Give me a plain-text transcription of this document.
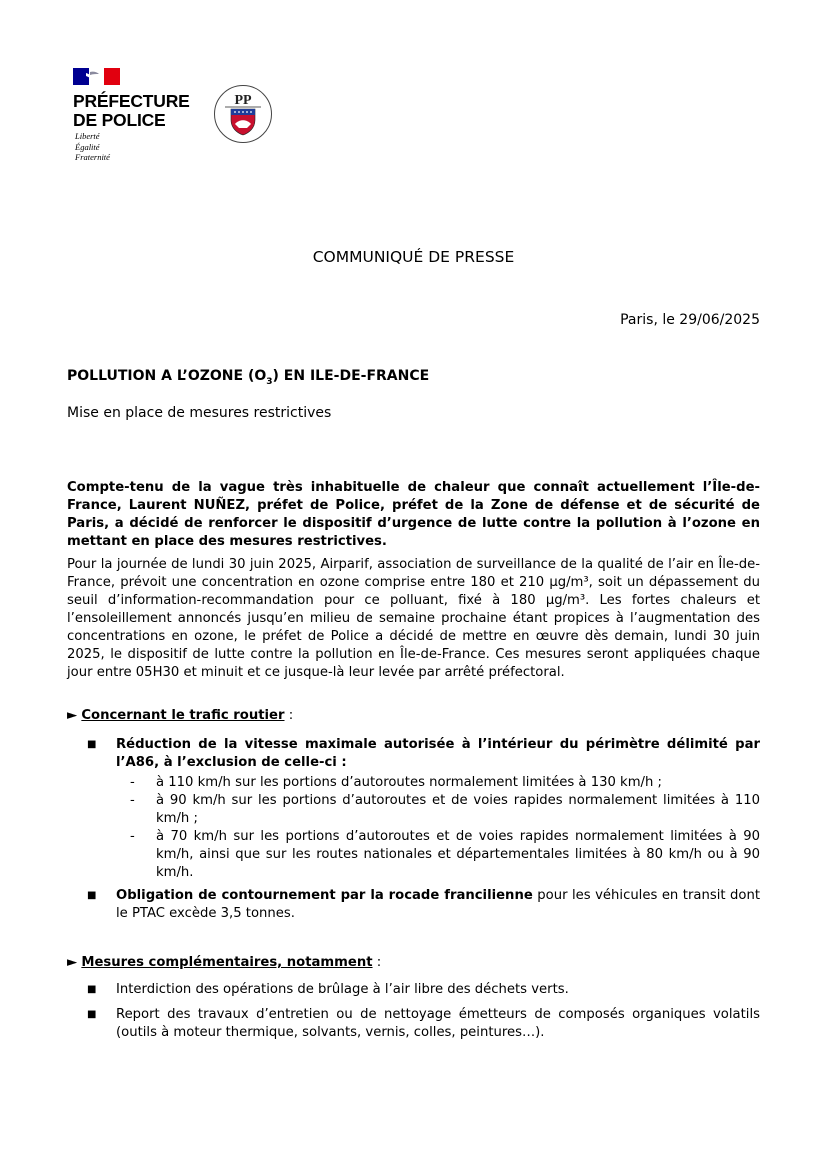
PRÉFECTURE
DE POLICE
Liberté
Égalité
Fraternité
PP
COMMUNIQUÉ DE PRESSE
Paris, le 29/06/2025
POLLUTION A L’OZONE $(O_3)$ EN ILE-DE-FRANCE
Mise en place de mesures restrictives
Compte-tenu de la vague très inhabituelle de chaleur que connaît actuellement l’Île-de-France, Laurent NUÑEZ, préfet de Police, préfet de la Zone de défense et de sécurité de Paris, a décidé de renforcer le dispositif d’urgence de lutte contre la pollution à l’ozone en mettant en place des mesures restrictives.
Pour la journée de lundi 30 juin 2025, Airparif, association de surveillance de la qualité de l’air en Île-de-France, prévoit une concentration en ozone comprise entre 180 et 210 µg/m³, soit un dépassement du seuil d’information-recommandation pour ce polluant, fixé à 180 µg/m³. Les fortes chaleurs et l’ensoleillement annoncés jusqu’en milieu de semaine prochaine étant propices à l’augmentation des concentrations en ozone, le préfet de Police a décidé de mettre en œuvre dès demain, lundi 30 juin 2025, le dispositif de lutte contre la pollution en Île-de-France. Ces mesures seront appliquées chaque jour entre 05H30 et minuit et ce jusque-là leur levée par arrêté préfectoral.
► Concernant le trafic routier :
■ Réduction de la vitesse maximale autorisée à l’intérieur du périmètre délimité par l’A86, à l’exclusion de celle-ci :
- à 110 km/h sur les portions d’autoroutes normalement limitées à 130 km/h ;
- à 90 km/h sur les portions d’autoroutes et de voies rapides normalement limitées à 110 km/h ;
- à 70 km/h sur les portions d’autoroutes et de voies rapides normalement limitées à 90 km/h, ainsi que sur les routes nationales et départementales limitées à 80 km/h ou à 90 km/h.
■ Obligation de contournement par la rocade francilienne pour les véhicules en transit dont le PTAC excède 3,5 tonnes.
► Mesures complémentaires, notamment :
■ Interdiction des opérations de brûlage à l’air libre des déchets verts.
■ Report des travaux d’entretien ou de nettoyage émetteurs de composés organiques volatils (outils à moteur thermique, solvants, vernis, colles, peintures…).
